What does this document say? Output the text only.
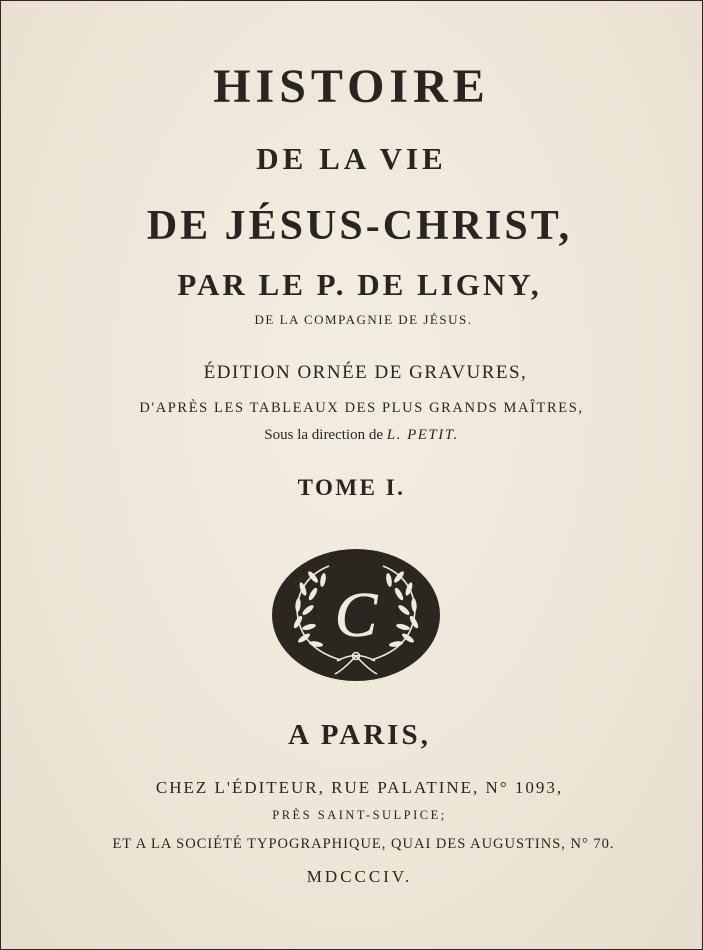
HISTOIRE
DE LA VIE
DE JÉSUS-CHRIST,
PAR LE P. DE LIGNY,
DE LA COMPAGNIE DE JÉSUS.
ÉDITION ORNÉE DE GRAVURES,
D'APRÈS LES TABLEAUX DES PLUS GRANDS MAÎTRES,
Sous la direction de L. PETIT.
TOME I.
C
A PARIS,
CHEZ L'ÉDITEUR, RUE PALATINE, N° 1093,
PRÈS SAINT-SULPICE;
ET A LA SOCIÉTÉ TYPOGRAPHIQUE, QUAI DES AUGUSTINS, N° 70.
MDCCCIV.
